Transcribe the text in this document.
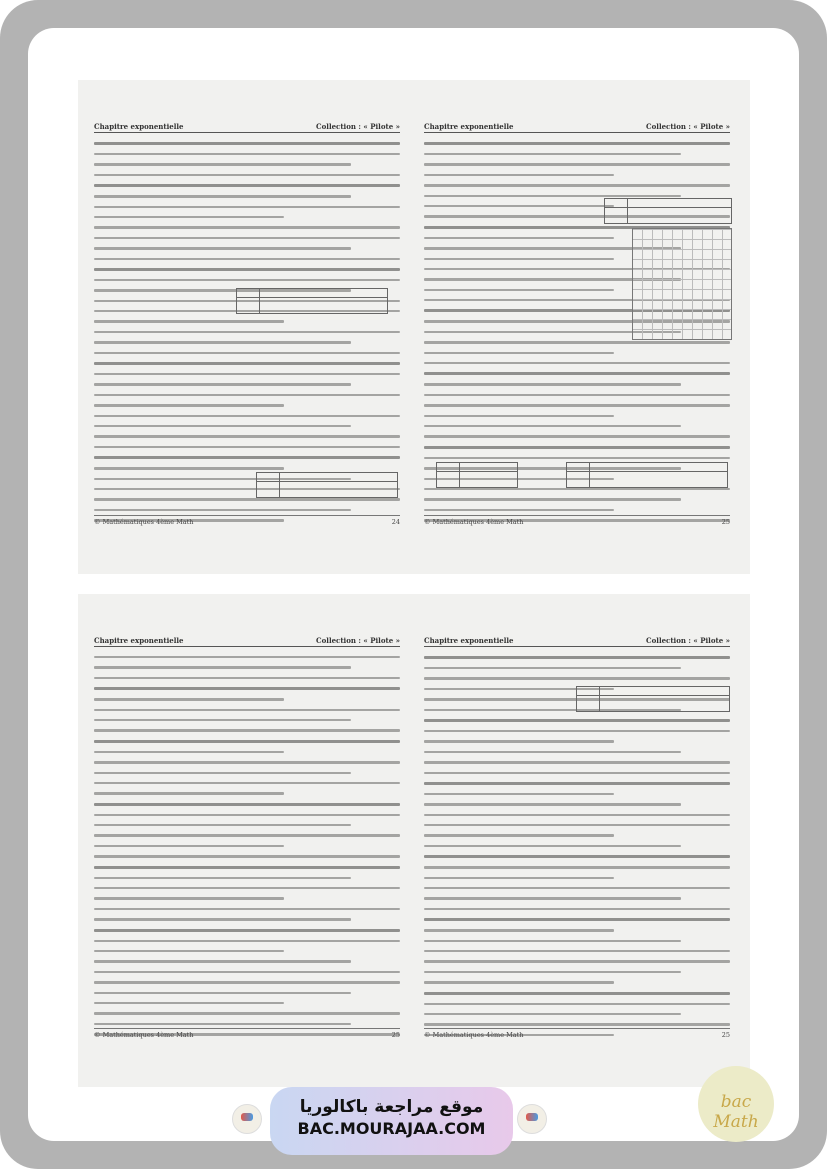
Chapitre exponentielle	Collection : « Pilote »
© Mathématiques 4ème Math	24
Chapitre exponentielle	Collection : « Pilote »
© Mathématiques 4ème Math	25
Chapitre exponentielle	Collection : « Pilote »
© Mathématiques 4ème Math	25
Chapitre exponentielle	Collection : « Pilote »
© Mathématiques 4ème Math	25
موقع مراجعة باكالوريا
BAC.MOURAJAA.COM
bac Math
